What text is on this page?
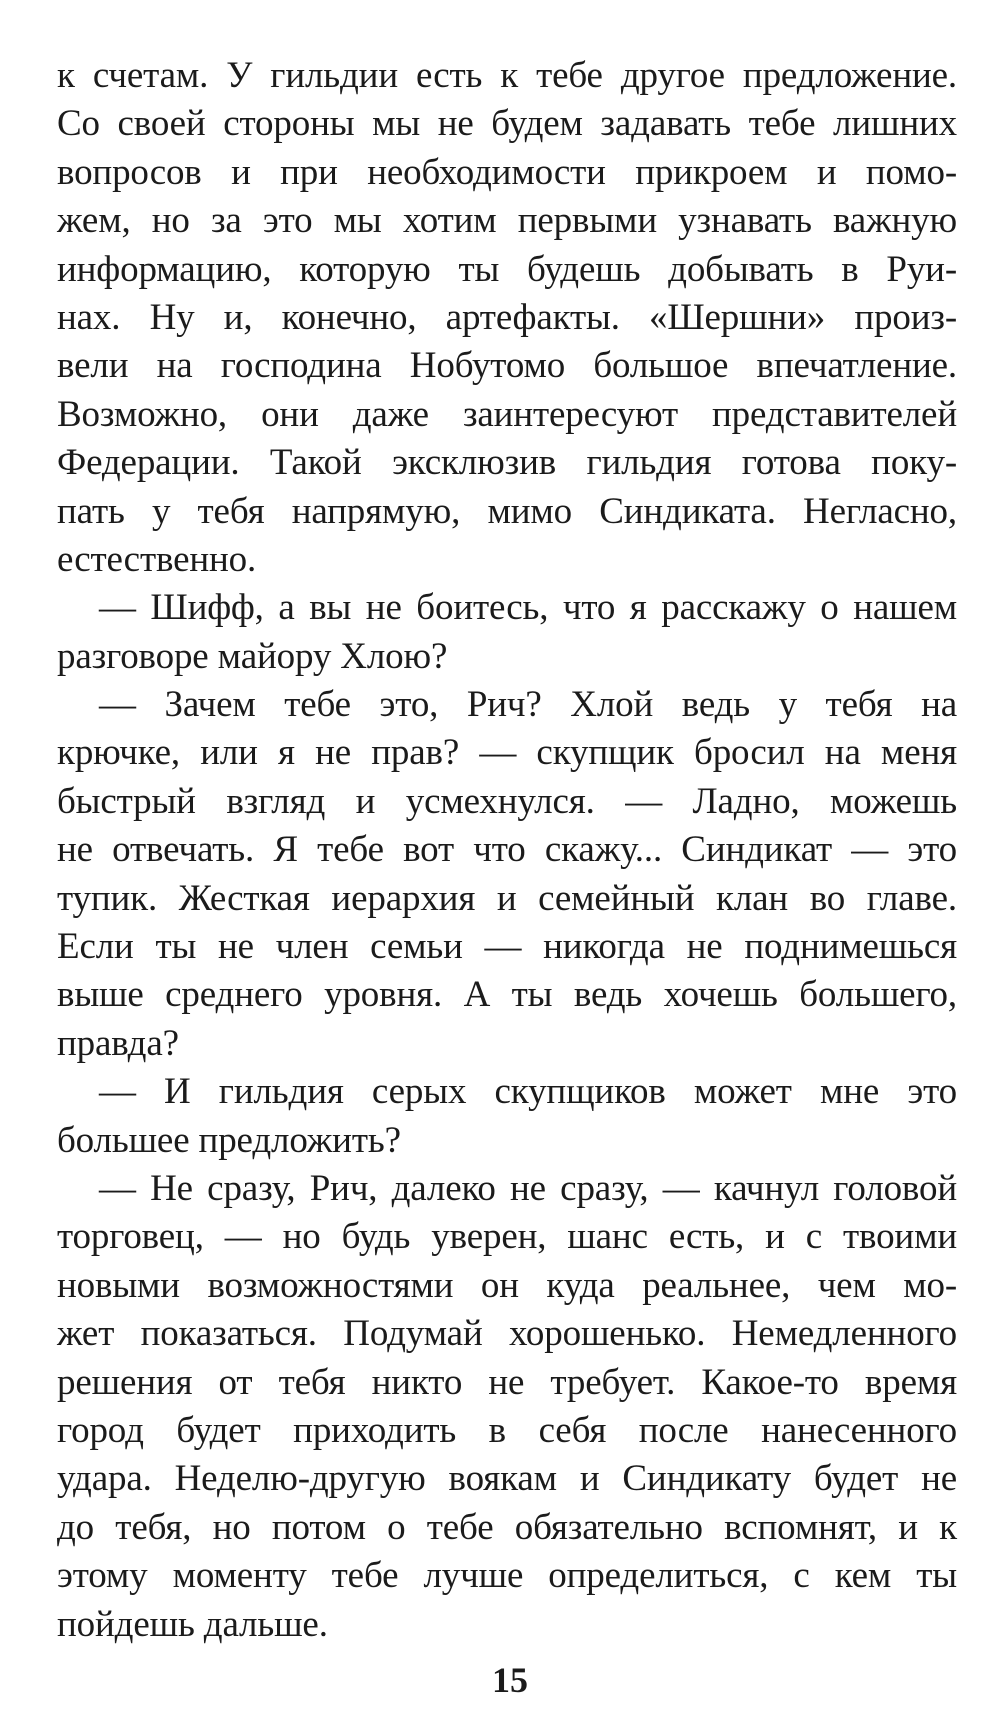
к счетам. У гильдии есть к тебе другое предложение.
Со своей стороны мы не будем задавать тебе лишних
вопросов и при необходимости прикроем и помо-
жем, но за это мы хотим первыми узнавать важную
информацию, которую ты будешь добывать в Руи-
нах. Ну и, конечно, артефакты. «Шершни» произ-
вели на господина Нобутомо большое впечатление.
Возможно, они даже заинтересуют представителей
Федерации. Такой эксклюзив гильдия готова поку-
пать у тебя напрямую, мимо Синдиката. Негласно,
естественно.
— Шифф, а вы не боитесь, что я расскажу о нашем
разговоре майору Хлою?
— Зачем тебе это, Рич? Хлой ведь у тебя на
крючке, или я не прав? — скупщик бросил на меня
быстрый взгляд и усмехнулся. — Ладно, можешь
не отвечать. Я тебе вот что скажу... Синдикат — это
тупик. Жесткая иерархия и семейный клан во главе.
Если ты не член семьи — никогда не поднимешься
выше среднего уровня. А ты ведь хочешь большего,
правда?
— И гильдия серых скупщиков может мне это
большее предложить?
— Не сразу, Рич, далеко не сразу, — качнул головой
торговец, — но будь уверен, шанс есть, и с твоими
новыми возможностями он куда реальнее, чем мо-
жет показаться. Подумай хорошенько. Немедленного
решения от тебя никто не требует. Какое-то время
город будет приходить в себя после нанесенного
удара. Неделю-другую воякам и Синдикату будет не
до тебя, но потом о тебе обязательно вспомнят, и к
этому моменту тебе лучше определиться, с кем ты
пойдешь дальше.
15
